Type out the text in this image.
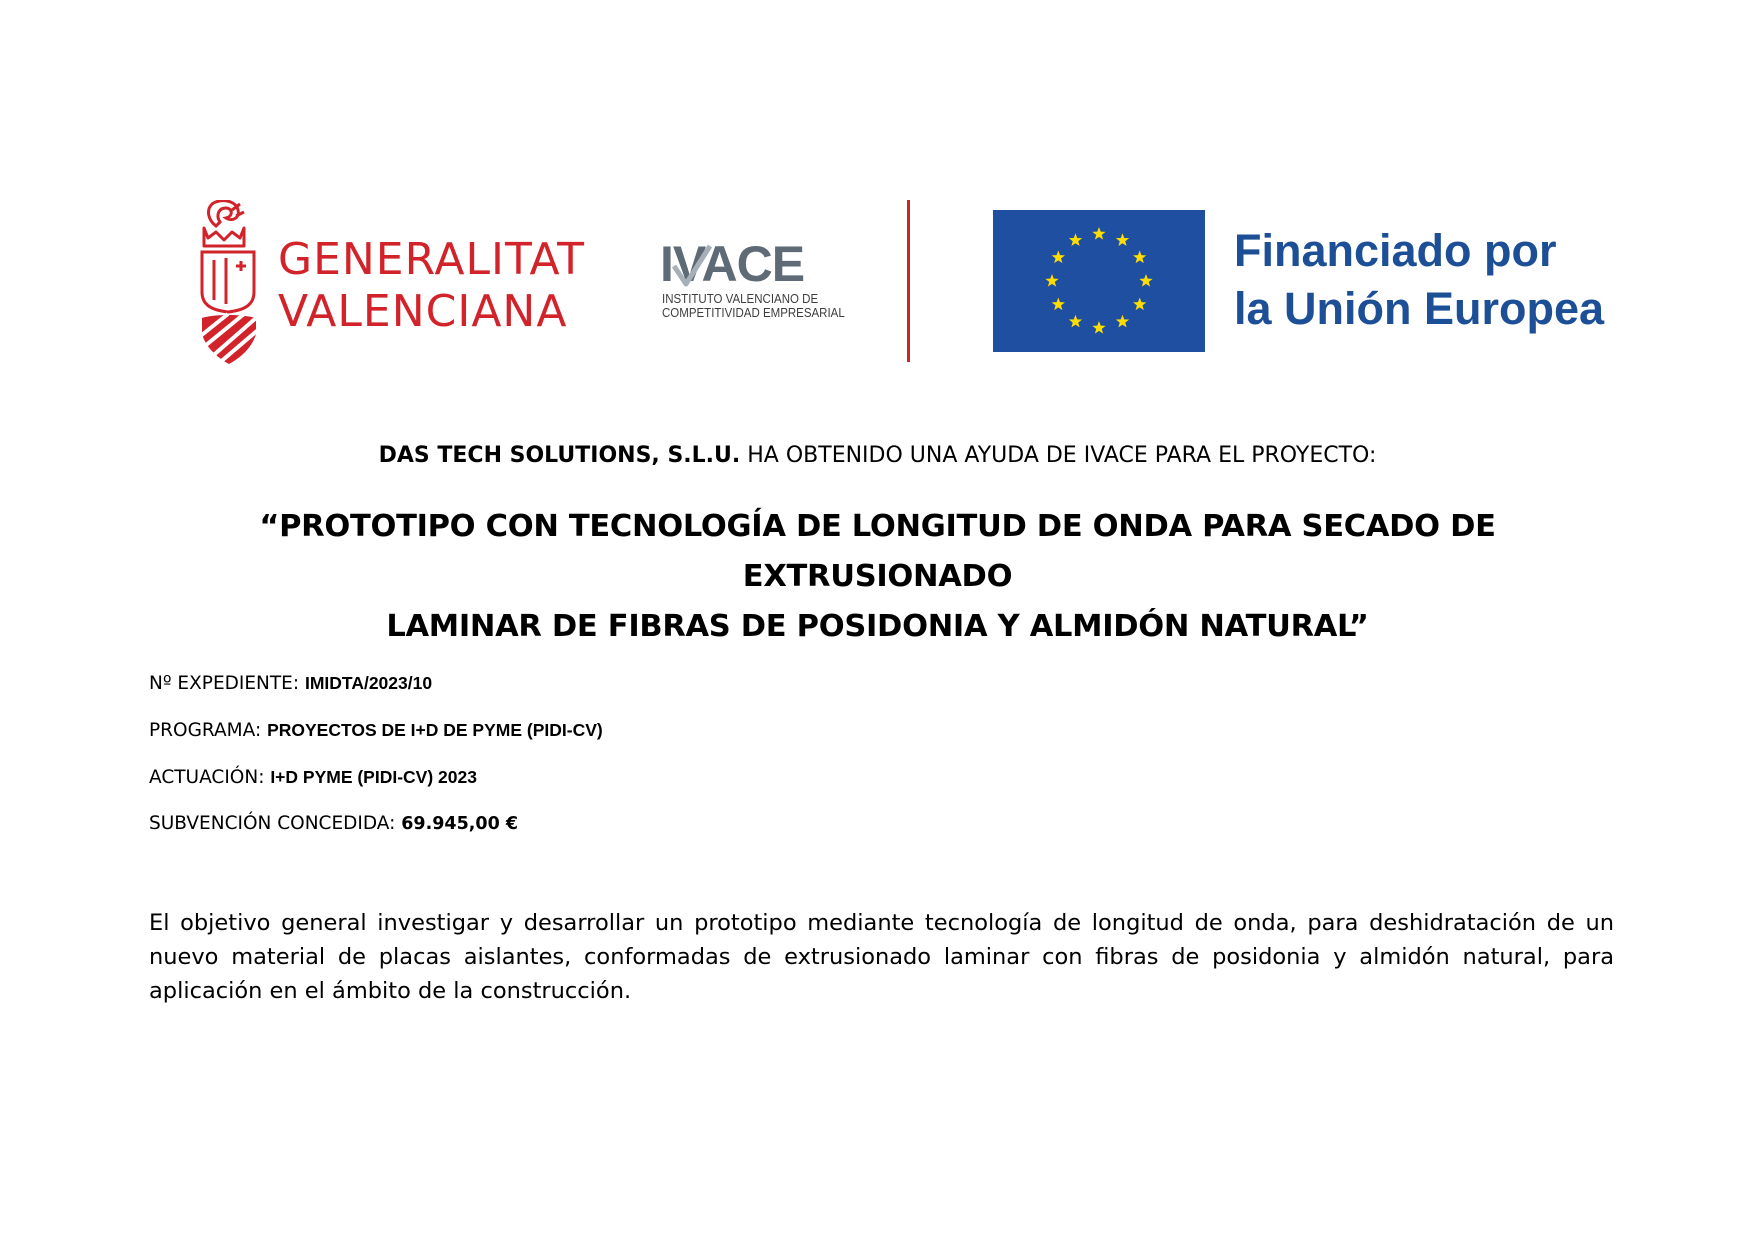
GENERALITAT
VALENCIANA
IVACE
INSTITUTO VALENCIANO DE
COMPETITIVIDAD EMPRESARIAL
Financiado por
la Unión Europea
DAS TECH SOLUTIONS, S.L.U. HA OBTENIDO UNA AYUDA DE IVACE PARA EL PROYECTO:
“PROTOTIPO CON TECNOLOGÍA DE LONGITUD DE ONDA PARA SECADO DE EXTRUSIONADO
LAMINAR DE FIBRAS DE POSIDONIA Y ALMIDÓN NATURAL”
Nº EXPEDIENTE: IMIDTA/2023/10
PROGRAMA: PROYECTOS DE I+D DE PYME (PIDI-CV)
ACTUACIÓN: I+D PYME (PIDI-CV) 2023
SUBVENCIÓN CONCEDIDA: 69.945,00 €
El objetivo general investigar y desarrollar un prototipo mediante tecnología de longitud de onda, para deshidratación de un nuevo material de placas aislantes, conformadas de extrusionado laminar con fibras de posidonia y almidón natural, para aplicación en el ámbito de la construcción.
